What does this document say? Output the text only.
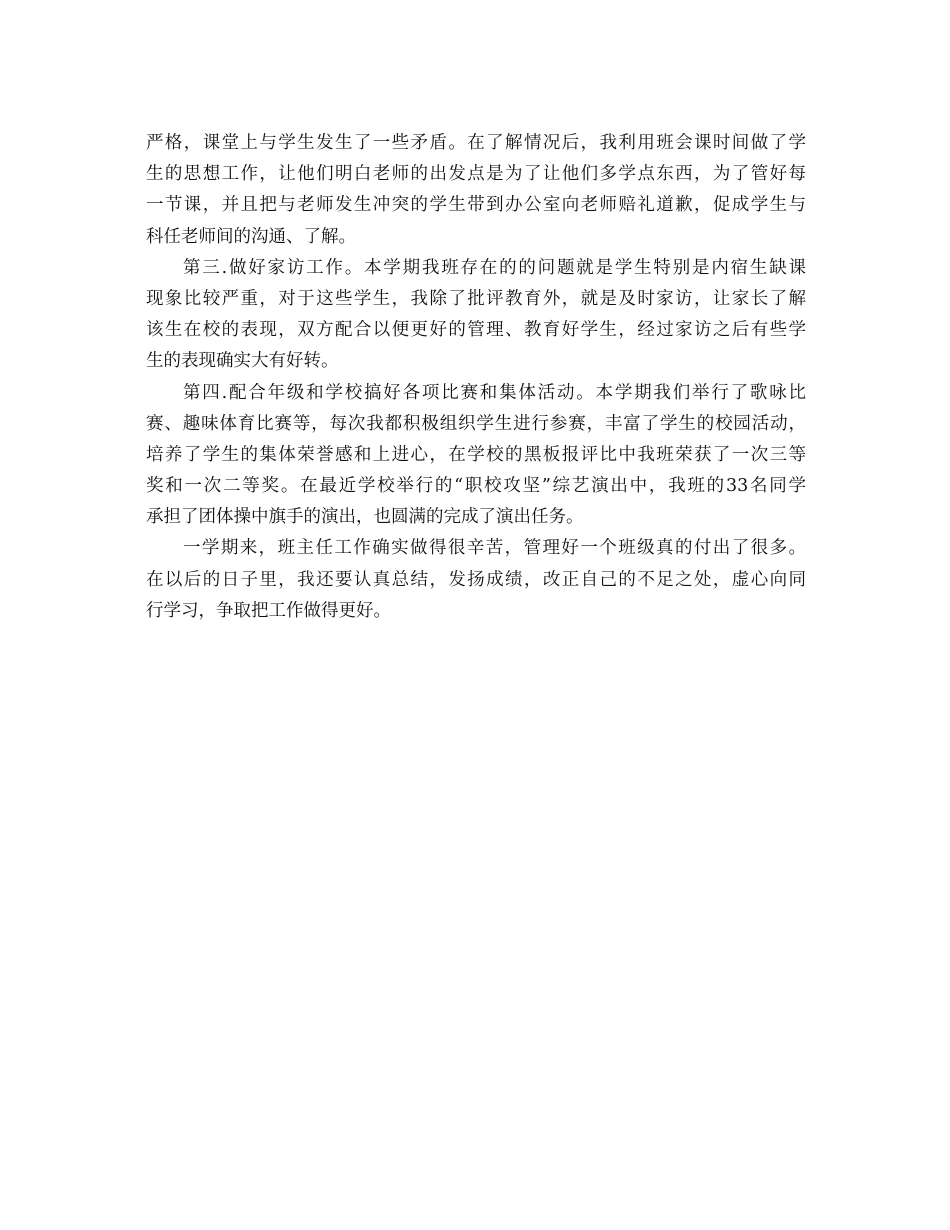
严格，课堂上与学生发生了一些矛盾。在了解情况后，我利用班会课时间做了学
生的思想工作，让他们明白老师的出发点是为了让他们多学点东西，为了管好每
一节课，并且把与老师发生冲突的学生带到办公室向老师赔礼道歉，促成学生与
科任老师间的沟通、了解。
第三.做好家访工作。本学期我班存在的的问题就是学生特别是内宿生缺课
现象比较严重，对于这些学生，我除了批评教育外，就是及时家访，让家长了解
该生在校的表现，双方配合以便更好的管理、教育好学生，经过家访之后有些学
生的表现确实大有好转。
第四.配合年级和学校搞好各项比赛和集体活动。本学期我们举行了歌咏比
赛、趣味体育比赛等，每次我都积极组织学生进行参赛，丰富了学生的校园活动，
培养了学生的集体荣誉感和上进心，在学校的黑板报评比中我班荣获了一次三等
奖和一次二等奖。在最近学校举行的“职校攻坚”综艺演出中，我班的33名同学
承担了团体操中旗手的演出，也圆满的完成了演出任务。
一学期来，班主任工作确实做得很辛苦，管理好一个班级真的付出了很多。
在以后的日子里，我还要认真总结，发扬成绩，改正自己的不足之处，虚心向同
行学习，争取把工作做得更好。
